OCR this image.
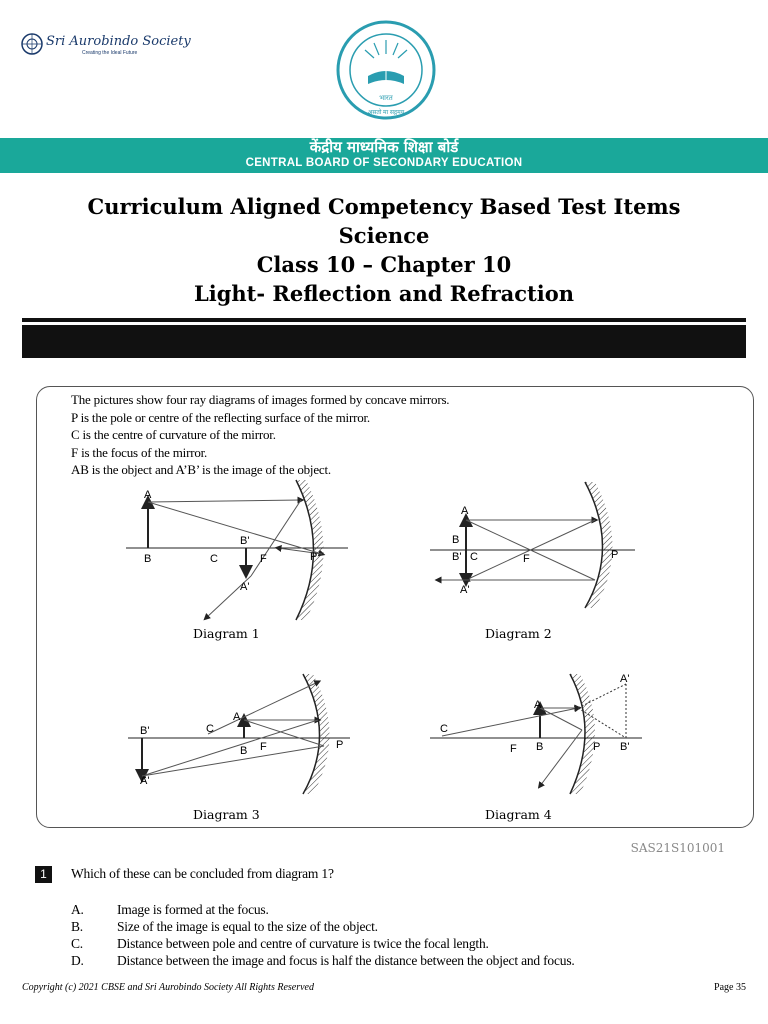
Sri Aurobindo Society
Creating the Ideal Future
भारत
असतो मा सद्गमय
केंद्रीय माध्यमिक शिक्षा बोर्ड
CENTRAL BOARD OF SECONDARY EDUCATION
Curriculum Aligned Competency Based Test Items
Science
Class 10 – Chapter 10
Light- Reflection and Refraction
The pictures show four ray diagrams of images formed by concave mirrors.
P is the pole or centre of the reflecting surface of the mirror.
C is the centre of curvature of the mirror.
F is the focus of the mirror.
AB is the object and A’B’ is the image of the object.
A
B	C
B'
F	P
A'
Diagram 1
A
B
B' C	F	P
A'
Diagram 2
B'	C
A
B F	P
A'
Diagram 3
C
A
F B	P B'
A'
Diagram 4
SAS21S101001
1	Which of these can be concluded from diagram 1?
A.	Image is formed at the focus.
B.	Size of the image is equal to the size of the object.
C.	Distance between pole and centre of curvature is twice the focal length.
D.	Distance between the image and focus is half the distance between the object and focus.
Copyright (c) 2021 CBSE and Sri Aurobindo Society All Rights Reserved	Page 35
